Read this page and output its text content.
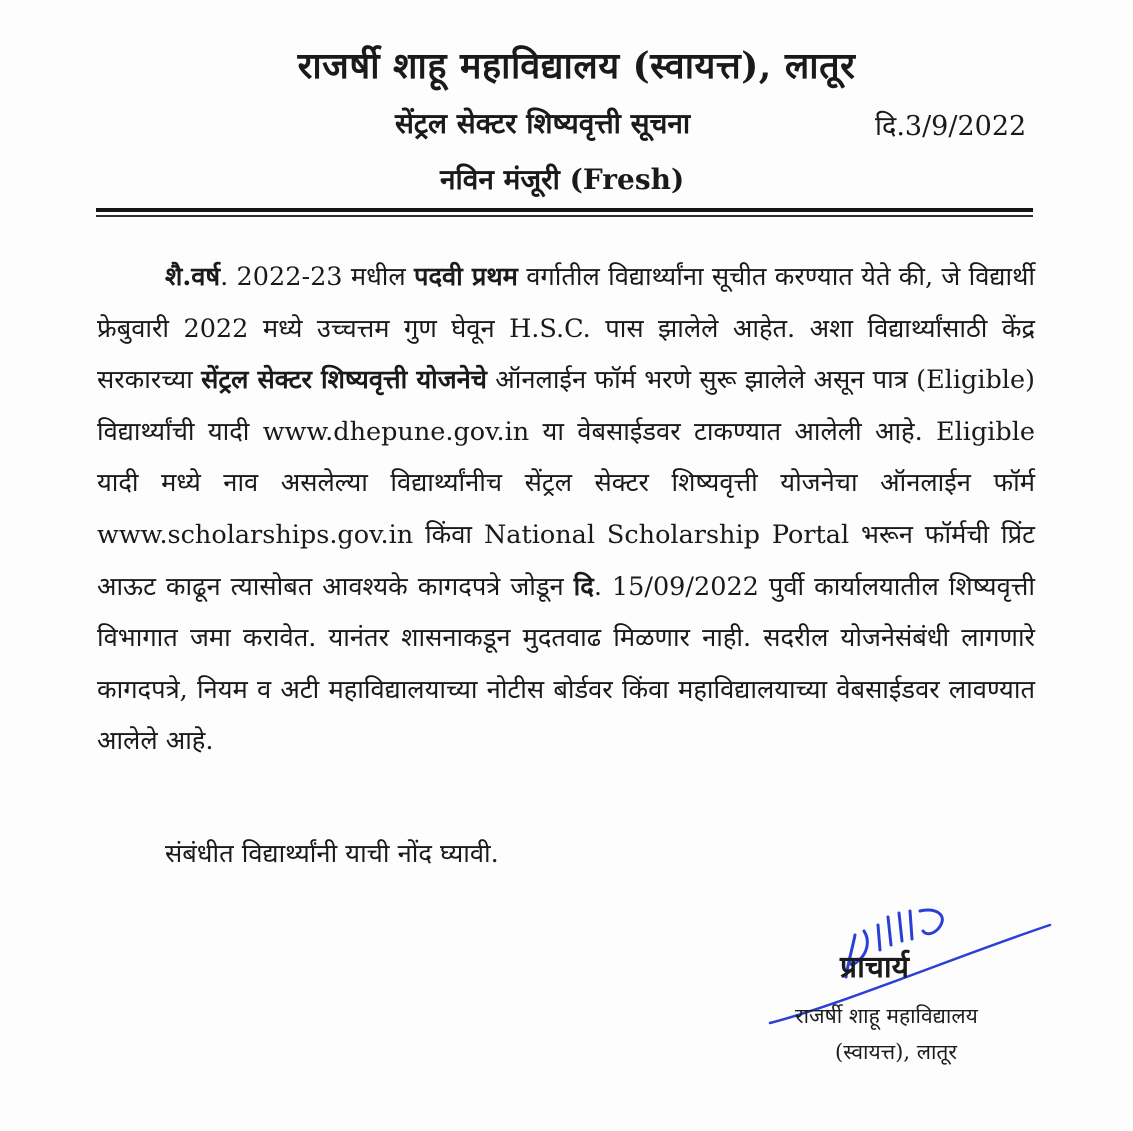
राजर्षी शाहू महाविद्यालय (स्वायत्त), लातूर
सेंट्रल सेक्टर शिष्यवृत्ती सूचना	दि.3/9/2022
नविन मंजूरी (Fresh)
शै.वर्ष. 2022-23 मधील पदवी प्रथम वर्गातील विद्यार्थ्यांना सूचीत करण्यात येते की, जे विद्यार्थी फ्रेबुवारी 2022 मध्ये उच्चत्तम गुण घेवून H.S.C. पास झालेले आहेत. अशा विद्यार्थ्यांसाठी केंद्र सरकारच्या सेंट्रल सेक्टर शिष्यवृत्ती योजनेचे ऑनलाईन फॉर्म भरणे सुरू झालेले असून पात्र (Eligible) विद्यार्थ्यांची यादी www.dhepune.gov.in या वेबसाईडवर टाकण्यात आलेली आहे. Eligible यादी मध्ये नाव असलेल्या विद्यार्थ्यांनीच सेंट्रल सेक्टर शिष्यवृत्ती योजनेचा ऑनलाईन फॉर्म www.scholarships.gov.in किंवा National Scholarship Portal भरून फॉर्मची प्रिंट आऊट काढून त्यासोबत आवश्यके कागदपत्रे जोडून दि. 15/09/2022 पुर्वी कार्यालयातील शिष्यवृत्ती विभागात जमा करावेत. यानंतर शासनाकडून मुदतवाढ मिळणार नाही. सदरील योजनेसंबंधी लागणारे कागदपत्रे, नियम व अटी महाविद्यालयाच्या नोटीस बोर्डवर किंवा महाविद्यालयाच्या वेबसाईडवर लावण्यात आलेले आहे.
संबंधीत विद्यार्थ्यांनी याची नोंद घ्यावी.
प्राचार्य
राजर्षी शाहू महाविद्यालय
(स्वायत्त), लातूर
